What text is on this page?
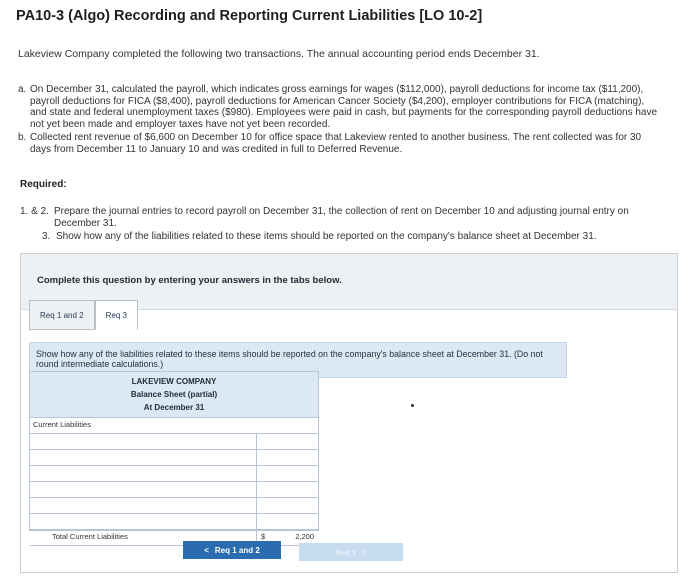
PA10-3 (Algo) Recording and Reporting Current Liabilities [LO 10-2]
Lakeview Company completed the following two transactions. The annual accounting period ends December 31.
a. On December 31, calculated the payroll, which indicates gross earnings for wages ($112,000), payroll deductions for income tax ($11,200), payroll deductions for FICA ($8,400), payroll deductions for American Cancer Society ($4,200), employer contributions for FICA (matching), and state and federal unemployment taxes ($980). Employees were paid in cash, but payments for the corresponding payroll deductions have not yet been made and employer taxes have not yet been recorded.
b. Collected rent revenue of $6,600 on December 10 for office space that Lakeview rented to another business. The rent collected was for 30 days from December 11 to January 10 and was credited in full to Deferred Revenue.
Required:
1. & 2. Prepare the journal entries to record payroll on December 31, the collection of rent on December 10 and adjusting journal entry on December 31.
3. Show how any of the liabilities related to these items should be reported on the company's balance sheet at December 31.
Complete this question by entering your answers in the tabs below.
Req 1 and 2	Req 3
Show how any of the liabilities related to these items should be reported on the company's balance sheet at December 31. (Do not round intermediate calculations.)
LAKEVIEW COMPANY
Balance Sheet (partial)
At December 31
Current Liabilities
Total Current Liabilities	$	2,200
< Req 1 and 2	Req 3 >
